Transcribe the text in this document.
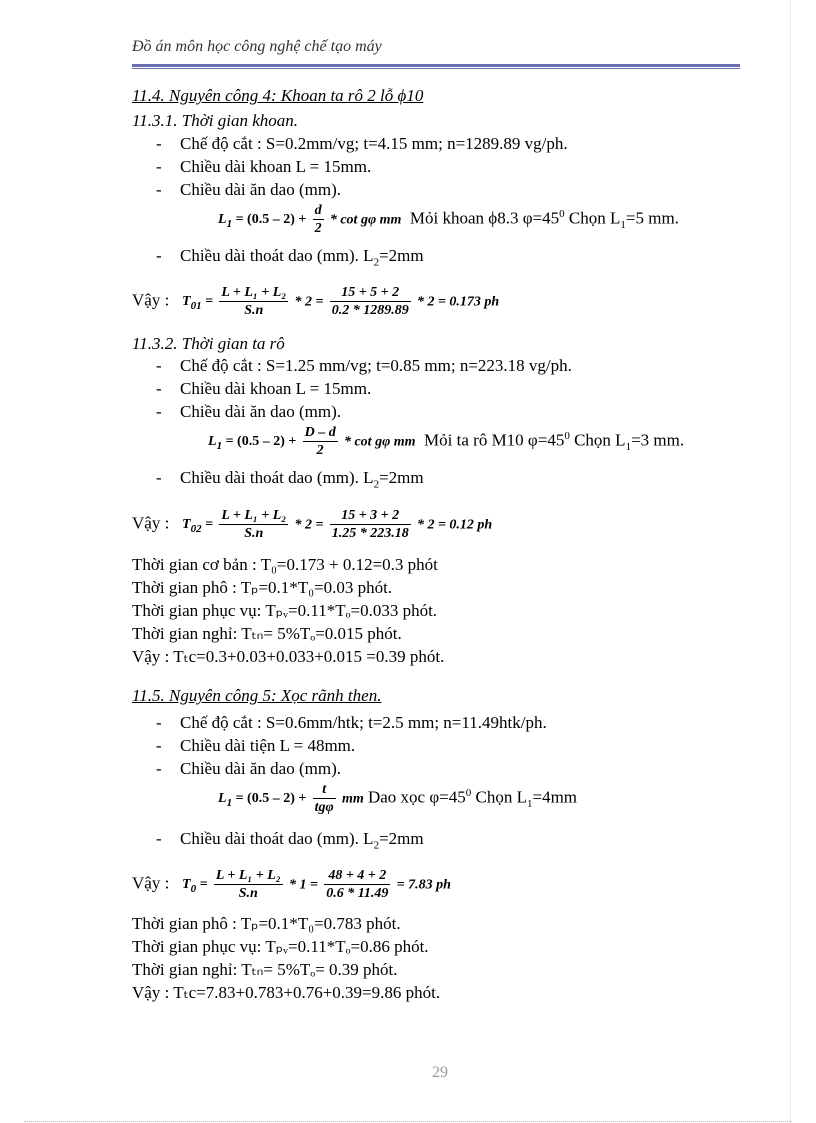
Đồ án môn học công nghệ chế tạo máy
11.4. Nguyên công 4: Khoan ta rô 2 lỗ ϕ10
11.3.1. Thời gian khoan.
- Chế độ cắt : S=0.2mm/vg; t=4.15 mm; n=1289.89 vg/ph.
- Chiều dài khoan L = 15mm.
- Chiều dài ăn dao (mm).
$L_1 = (0.5 - 2) + \frac{d}{2} * \cot g\varphi$ mm Mỏi khoan ϕ8.3 $\varphi=45^0$ Chọn $L_1=5$ mm.
- Chiều dài thoát dao (mm). $L_2=2mm$
Vậy : $T_{01} = \frac{\text{L + L₁ + L₂}}{S.n} * 2 = \frac{15 + 5 + 2}{0.2 * 1289.89} * 2 = 0.173$ ph
11.3.2. Thời gian ta rô
- Chế độ cắt : S=1.25 mm/vg; t=0.85 mm; n=223.18 vg/ph.
- Chiều dài khoan L = 15mm.
- Chiều dài ăn dao (mm).
$L_1 = (0.5 - 2) + \frac{D - d}{2} * \cot g\varphi$ mm Mỏi ta rô M10 $\varphi=45^0$ Chọn $L_1=3$ mm.
- Chiều dài thoát dao (mm). $L_2=2mm$
Vậy : $T_{02} = \frac{\text{L + L₁ + L₂}}{S.n} * 2 = \frac{15 + 3 + 2}{1.25 * 223.18} * 2 = 0.12$ ph
Thời gian cơ bản : T₀=0.173 + 0.12=0.3 phót
Thời gian phô : Tₚ=0.1*T₀=0.03 phót.
Thời gian phục vụ: Tₚᵥ=0.11*Tₒ=0.033 phót.
Thời gian nghỉ: Tₜₙ= 5%Tₒ=0.015 phót.
Vậy : Tₜc=0.3+0.03+0.033+0.015 =0.39 phót.
11.5. Nguyên công 5: Xọc rãnh then.
- Chế độ cắt : S=0.6mm/htk; t=2.5 mm; n=11.49htk/ph.
- Chiều dài tiện L = 48mm.
- Chiều dài ăn dao (mm).
$L_1 = (0.5 - 2) + \frac{t}{\text{tgφ}}$ mm Dao xọc $\varphi=45^0$ Chọn $L_1=4mm$
- Chiều dài thoát dao (mm). $L_2=2mm$
Vậy : $T_0 = \frac{\text{L + L₁ + L₂}}{S.n} * 1 = \frac{48 + 4 + 2}{0.6 * 11.49} = 7.83$ ph
Thời gian phô : Tₚ=0.1*T₀=0.783 phót.
Thời gian phục vụ: Tₚᵥ=0.11*Tₒ=0.86 phót.
Thời gian nghỉ: Tₜₙ= 5%Tₒ= 0.39 phót.
Vậy : Tₜc=7.83+0.783+0.76+0.39=9.86 phót.
29
